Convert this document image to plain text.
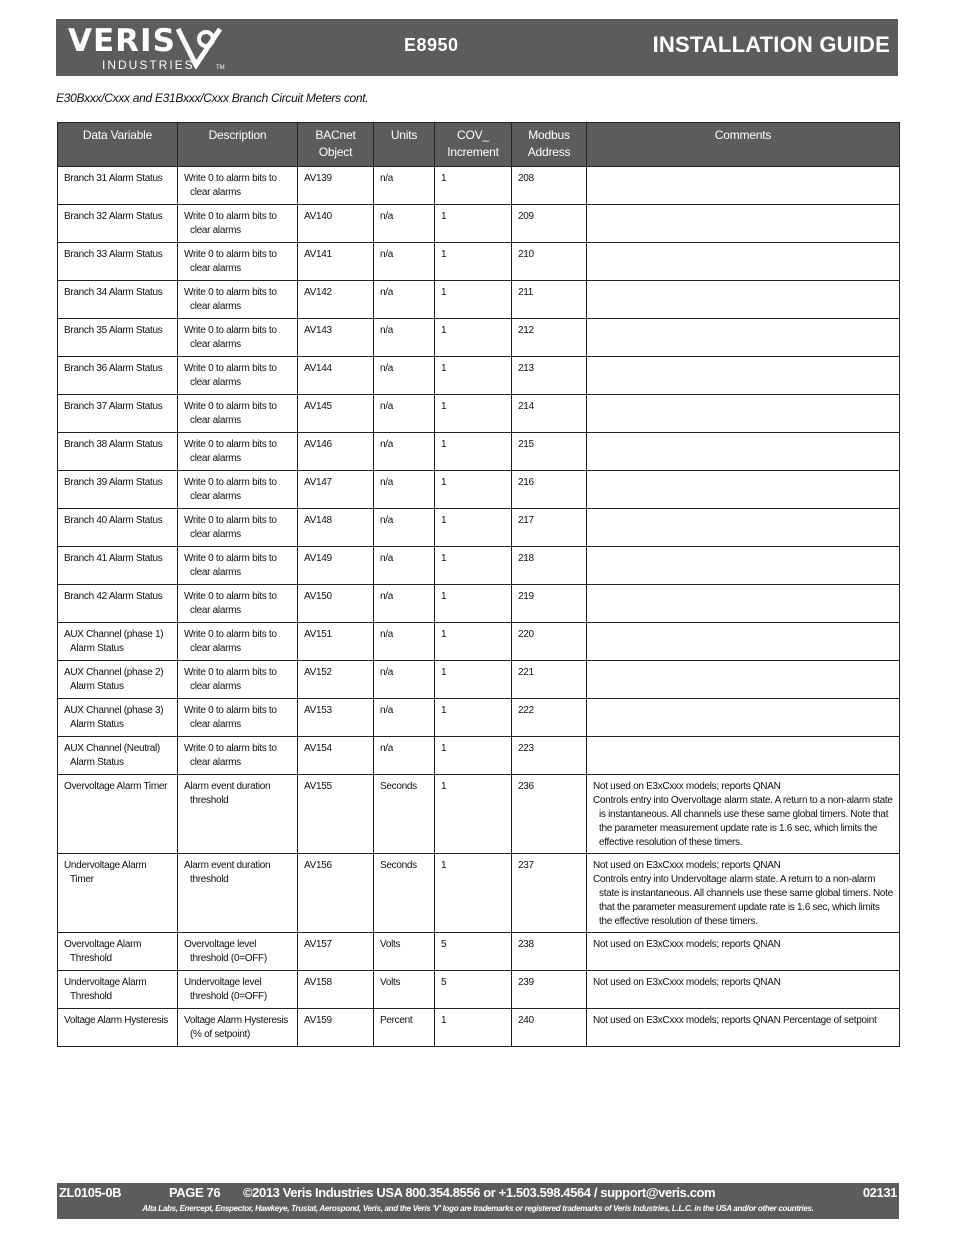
VERIS
INDUSTRIES	TM
E8950	INSTALLATION GUIDE
E30Bxxx/Cxxx and E31Bxxx/Cxxx Branch Circuit Meters cont.
Data Variable	Description	BACnet Object	Units	COV_ Increment	Modbus Address	Comments

Branch 31 Alarm Status	Write 0 to alarm bits to clear alarms	AV139	n/a	1	208	

Branch 32 Alarm Status	Write 0 to alarm bits to clear alarms	AV140	n/a	1	209	

Branch 33 Alarm Status	Write 0 to alarm bits to clear alarms	AV141	n/a	1	210	

Branch 34 Alarm Status	Write 0 to alarm bits to clear alarms	AV142	n/a	1	211	

Branch 35 Alarm Status	Write 0 to alarm bits to clear alarms	AV143	n/a	1	212	

Branch 36 Alarm Status	Write 0 to alarm bits to clear alarms	AV144	n/a	1	213	

Branch 37 Alarm Status	Write 0 to alarm bits to clear alarms	AV145	n/a	1	214	

Branch 38 Alarm Status	Write 0 to alarm bits to clear alarms	AV146	n/a	1	215	

Branch 39 Alarm Status	Write 0 to alarm bits to clear alarms	AV147	n/a	1	216	

Branch 40 Alarm Status	Write 0 to alarm bits to clear alarms	AV148	n/a	1	217	

Branch 41 Alarm Status	Write 0 to alarm bits to clear alarms	AV149	n/a	1	218	

Branch 42 Alarm Status	Write 0 to alarm bits to clear alarms	AV150	n/a	1	219	

AUX Channel (phase 1) Alarm Status	Write 0 to alarm bits to clear alarms	AV151	n/a	1	220	

AUX Channel (phase 2) Alarm Status	Write 0 to alarm bits to clear alarms	AV152	n/a	1	221	

AUX Channel (phase 3) Alarm Status	Write 0 to alarm bits to clear alarms	AV153	n/a	1	222	

AUX Channel (Neutral) Alarm Status	Write 0 to alarm bits to clear alarms	AV154	n/a	1	223	

Overvoltage Alarm Timer	Alarm event duration threshold	AV155	Seconds	1	236	Not used on E3xCxxx models; reports QNAN
Controls entry into Overvoltage alarm state. A return to a non-alarm state is instantaneous. All channels use these same global timers. Note that the parameter measurement update rate is 1.6 sec, which limits the effective resolution of these timers.

Undervoltage Alarm Timer	Alarm event duration threshold	AV156	Seconds	1	237	Not used on E3xCxxx models; reports QNAN
Controls entry into Undervoltage alarm state. A return to a non-alarm state is instantaneous. All channels use these same global timers. Note that the parameter measurement update rate is 1.6 sec, which limits the effective resolution of these timers.

Overvoltage Alarm Threshold	Overvoltage level threshold (0=OFF)	AV157	Volts	5	238	Not used on E3xCxxx models; reports QNAN

Undervoltage Alarm Threshold	Undervoltage level threshold (0=OFF)	AV158	Volts	5	239	Not used on E3xCxxx models; reports QNAN

Voltage Alarm Hysteresis	Voltage Alarm Hysteresis (% of setpoint)	AV159	Percent	1	240	Not used on E3xCxxx models; reports QNAN Percentage of setpoint
ZL0105-0B	PAGE 76 ©2013 Veris Industries USA 800.354.8556 or +1.503.598.4564 / support@veris.com	02131
Alta Labs, Enercept, Enspector, Hawkeye, Trustat, Aerospond, Veris, and the Veris 'V' logo are trademarks or registered trademarks of Veris Industries, L.L.C. in the USA and/or other countries.
